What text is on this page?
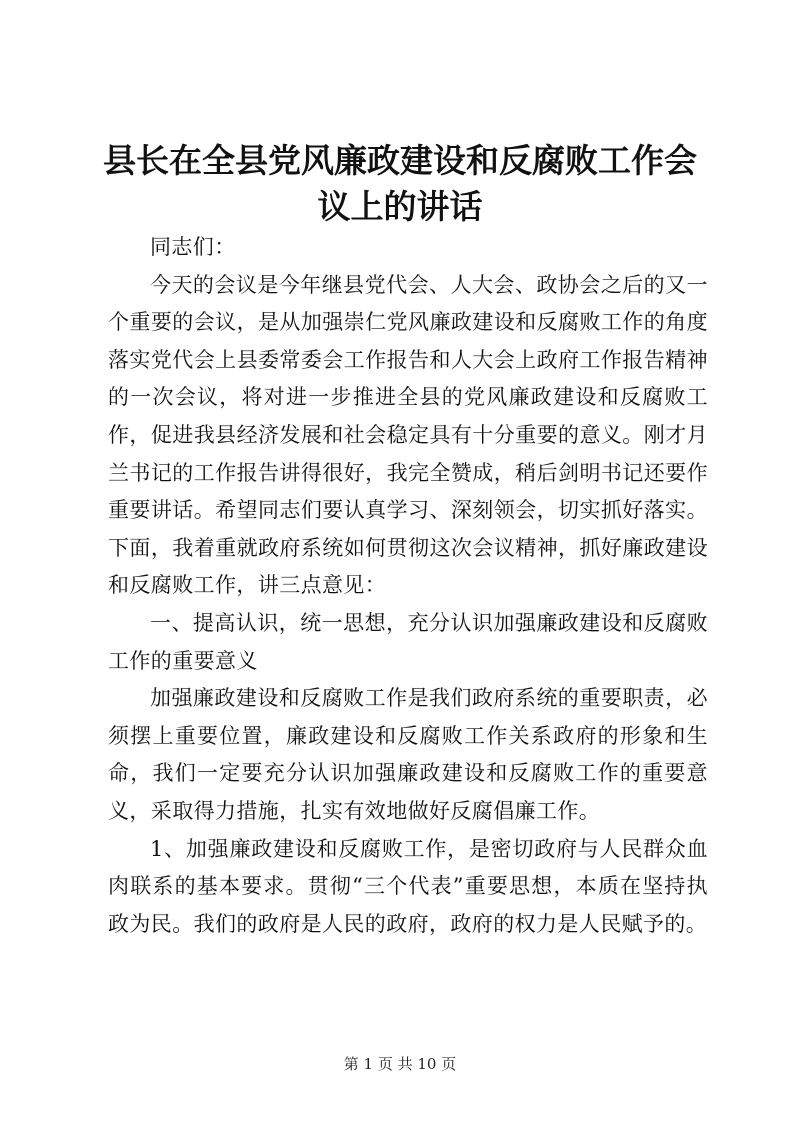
县长在全县党风廉政建设和反腐败工作会议上的讲话

同志们：

今天的会议是今年继县党代会、人大会、政协会之后的又一个重要的会议，是从加强崇仁党风廉政建设和反腐败工作的角度落实党代会上县委常委会工作报告和人大会上政府工作报告精神的一次会议，将对进一步推进全县的党风廉政建设和反腐败工作，促进我县经济发展和社会稳定具有十分重要的意义。刚才月兰书记的工作报告讲得很好，我完全赞成，稍后剑明书记还要作重要讲话。希望同志们要认真学习、深刻领会，切实抓好落实。下面，我着重就政府系统如何贯彻这次会议精神，抓好廉政建设和反腐败工作，讲三点意见：

一、提高认识，统一思想，充分认识加强廉政建设和反腐败工作的重要意义

加强廉政建设和反腐败工作是我们政府系统的重要职责，必须摆上重要位置，廉政建设和反腐败工作关系政府的形象和生命，我们一定要充分认识加强廉政建设和反腐败工作的重要意义，采取得力措施，扎实有效地做好反腐倡廉工作。

1、加强廉政建设和反腐败工作，是密切政府与人民群众血肉联系的基本要求。贯彻“三个代表”重要思想，本质在坚持执政为民。我们的政府是人民的政府，政府的权力是人民赋予的。

第 1 页 共 10 页
